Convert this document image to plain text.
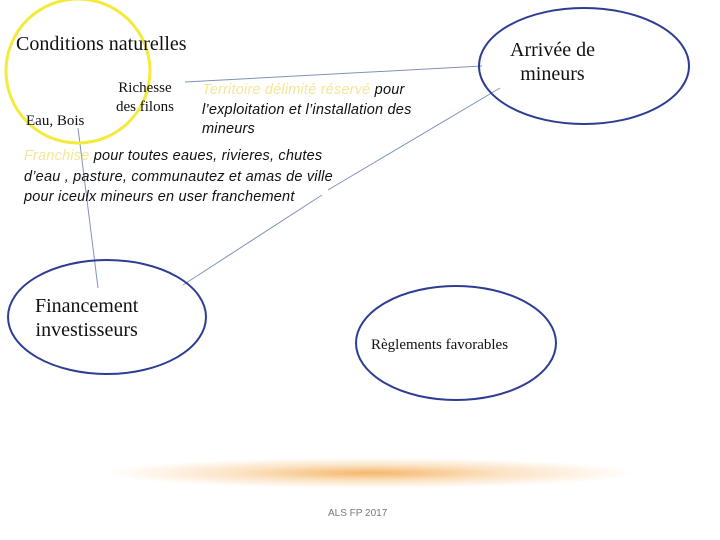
Conditions naturelles
Richesse
des filons
Eau, Bois
Territoire délimité réservé pour
l’exploitation et l’installation des
mineurs
Franchise pour toutes eaues, rivieres, chutes
d’eau , pasture, communautez et amas de ville
pour iceulx mineurs en user franchement
Arrivée de
mineurs
Financement
investisseurs
Règlements favorables
ALS FP 2017
